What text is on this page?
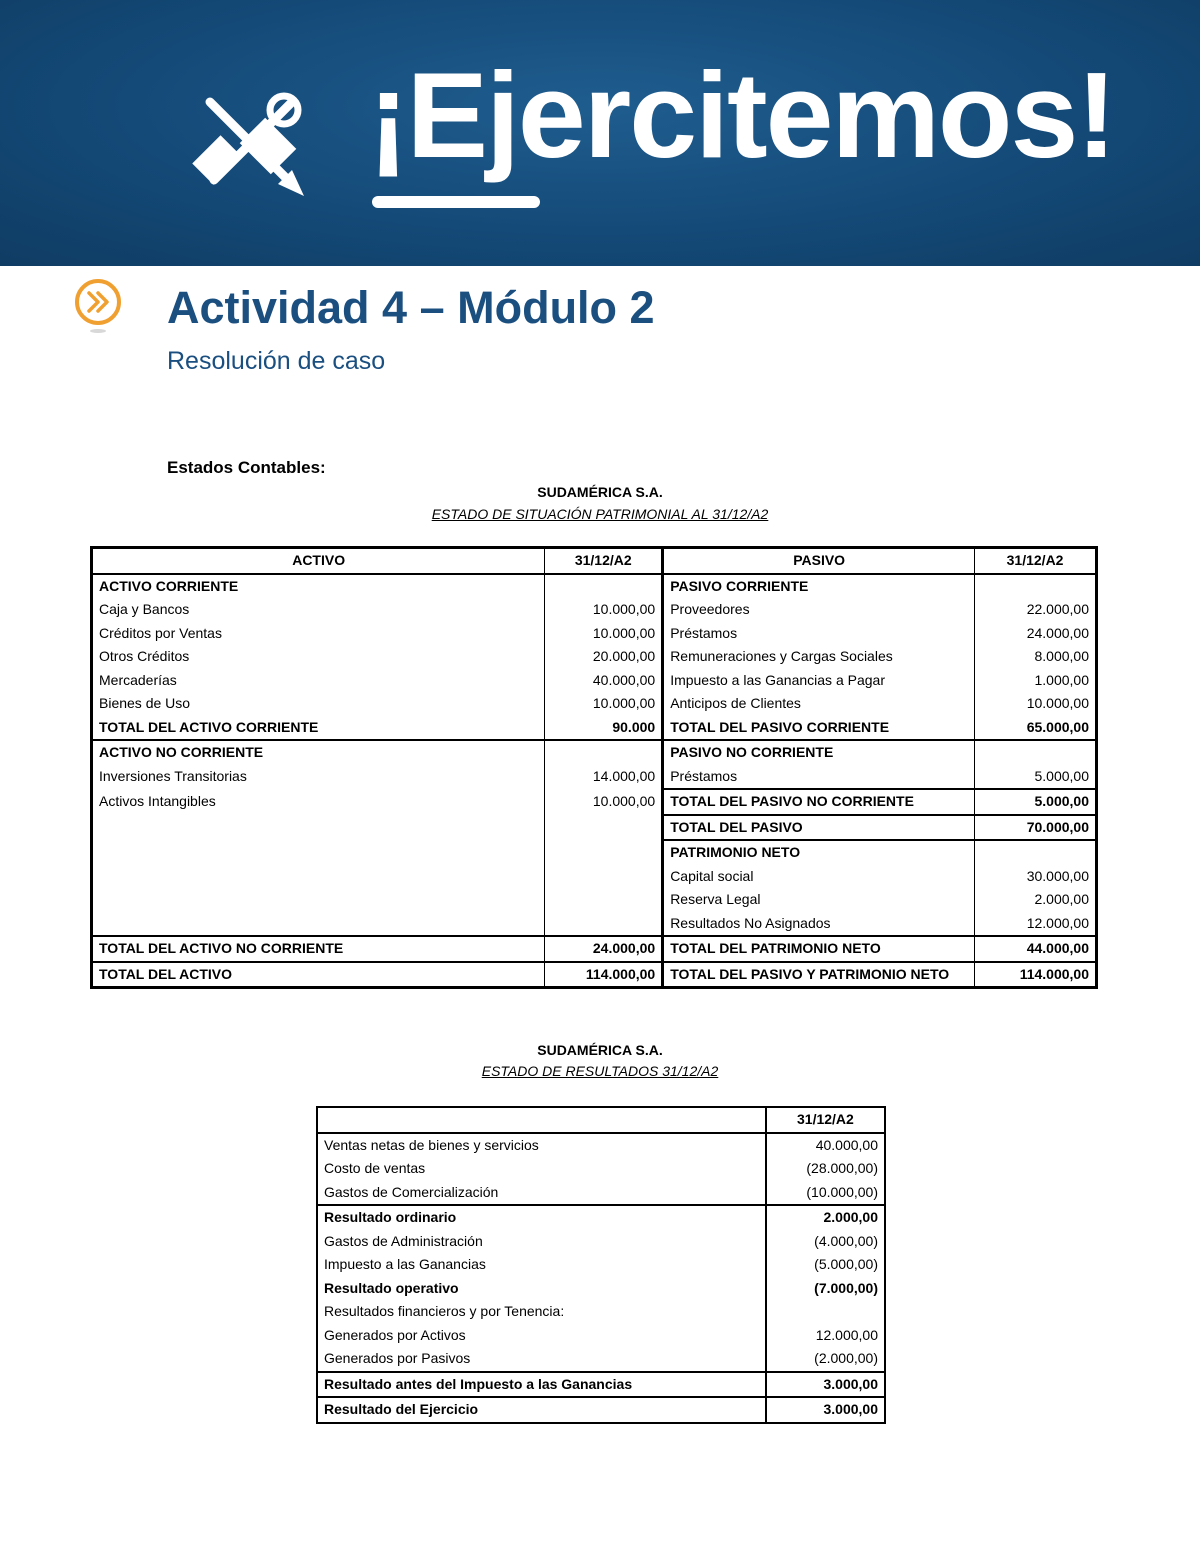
¡Ejercitemos!
Actividad 4 – Módulo 2
Resolución de caso
Estados Contables:
SUDAMÉRICA S.A.
ESTADO DE SITUACIÓN PATRIMONIAL AL 31/12/A2
ACTIVO	31/12/A2	PASIVO	31/12/A2
ACTIVO CORRIENTE		PASIVO CORRIENTE	
Caja y Bancos	10.000,00	Proveedores	22.000,00
Créditos por Ventas	10.000,00	Préstamos	24.000,00
Otros Créditos	20.000,00	Remuneraciones y Cargas Sociales	8.000,00
Mercaderías	40.000,00	Impuesto a las Ganancias a Pagar	1.000,00
Bienes de Uso	10.000,00	Anticipos de Clientes	10.000,00
TOTAL DEL ACTIVO CORRIENTE	90.000	TOTAL DEL PASIVO CORRIENTE	65.000,00
ACTIVO NO CORRIENTE		PASIVO NO CORRIENTE	
Inversiones Transitorias	14.000,00	Préstamos	5.000,00
Activos Intangibles	10.000,00	TOTAL DEL PASIVO NO CORRIENTE	5.000,00
		TOTAL DEL PASIVO	70.000,00
		PATRIMONIO NETO	
		Capital social	30.000,00
		Reserva Legal	2.000,00
		Resultados No Asignados	12.000,00
TOTAL DEL ACTIVO NO CORRIENTE	24.000,00	TOTAL DEL PATRIMONIO NETO	44.000,00
TOTAL DEL ACTIVO	114.000,00	TOTAL DEL PASIVO Y PATRIMONIO NETO	114.000,00
SUDAMÉRICA S.A.
ESTADO DE RESULTADOS 31/12/A2
	31/12/A2
Ventas netas de bienes y servicios	40.000,00
Costo de ventas	(28.000,00)
Gastos de Comercialización	(10.000,00)
Resultado ordinario	2.000,00
Gastos de Administración	(4.000,00)
Impuesto a las Ganancias	(5.000,00)
Resultado operativo	(7.000,00)
Resultados financieros y por Tenencia:	
Generados por Activos	12.000,00
Generados por Pasivos	(2.000,00)
Resultado antes del Impuesto a las Ganancias	3.000,00
Resultado del Ejercicio	3.000,00
